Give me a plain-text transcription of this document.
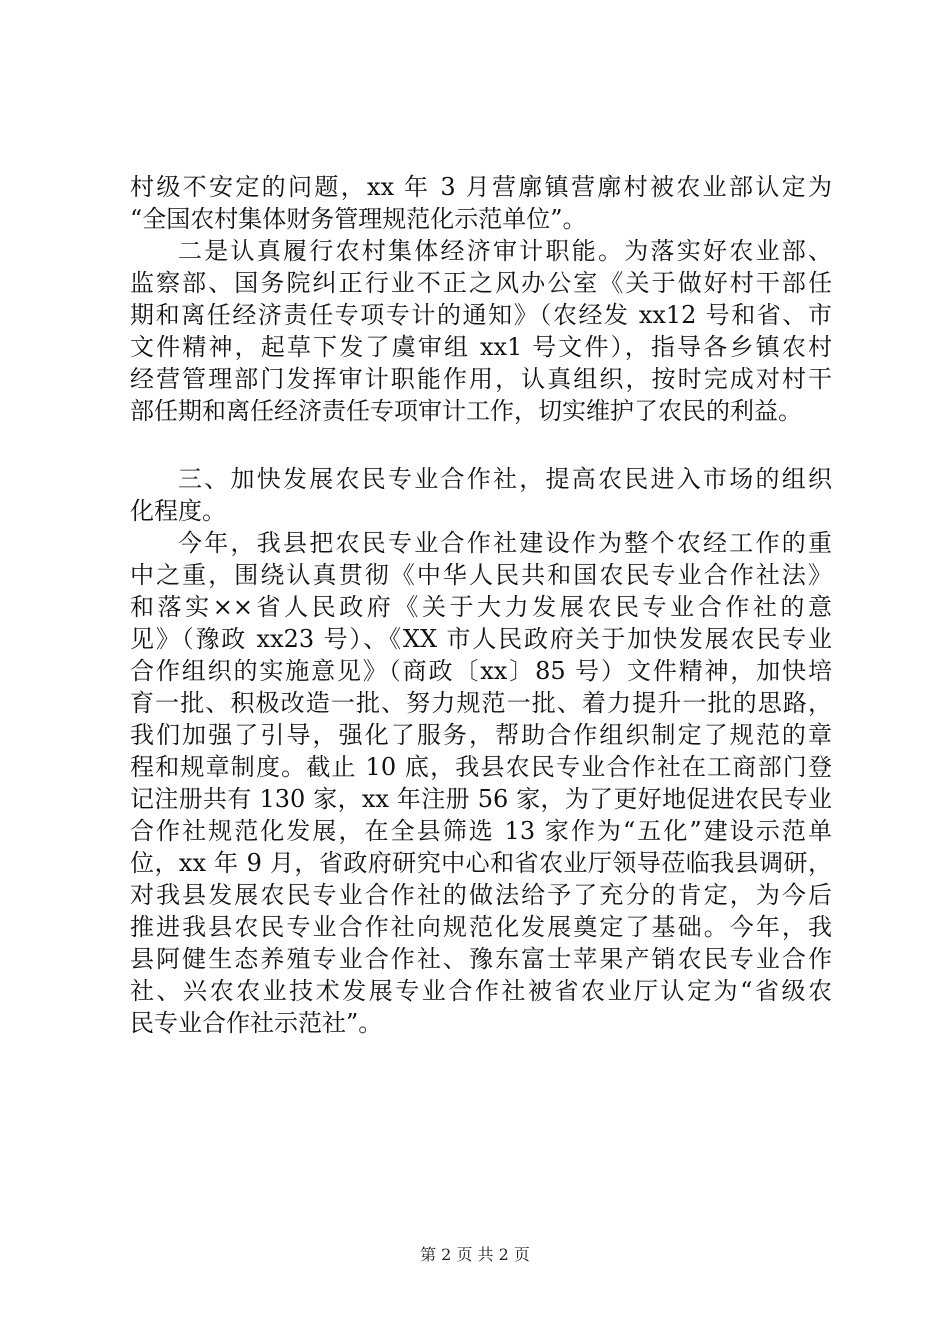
村级不安定的问题，xx 年 3 月营廓镇营廓村被农业部认定为
“全国农村集体财务管理规范化示范单位”。
二是认真履行农村集体经济审计职能。为落实好农业部、
监察部、国务院纠正行业不正之风办公室《关于做好村干部任
期和离任经济责任专项专计的通知》（农经发 xx12 号和省、市
文件精神，起草下发了虞审组 xx1 号文件），指导各乡镇农村
经营管理部门发挥审计职能作用，认真组织，按时完成对村干
部任期和离任经济责任专项审计工作，切实维护了农民的利益。
三、加快发展农民专业合作社，提高农民进入市场的组织
化程度。
今年，我县把农民专业合作社建设作为整个农经工作的重
中之重，围绕认真贯彻《中华人民共和国农民专业合作社法》
和落实××省人民政府《关于大力发展农民专业合作社的意
见》（豫政 xx23 号）、《XX 市人民政府关于加快发展农民专业
合作组织的实施意见》（商政〔xx〕85 号）文件精神，加快培
育一批、积极改造一批、努力规范一批、着力提升一批的思路，
我们加强了引导，强化了服务，帮助合作组织制定了规范的章
程和规章制度。截止 10 底，我县农民专业合作社在工商部门登
记注册共有 130 家，xx 年注册 56 家，为了更好地促进农民专业
合作社规范化发展，在全县筛选 13 家作为“五化”建设示范单
位，xx 年 9 月，省政府研究中心和省农业厅领导莅临我县调研，
对我县发展农民专业合作社的做法给予了充分的肯定，为今后
推进我县农民专业合作社向规范化发展奠定了基础。今年，我
县阿健生态养殖专业合作社、豫东富士苹果产销农民专业合作
社、兴农农业技术发展专业合作社被省农业厅认定为“省级农
民专业合作社示范社”。
第 2 页 共 2 页
